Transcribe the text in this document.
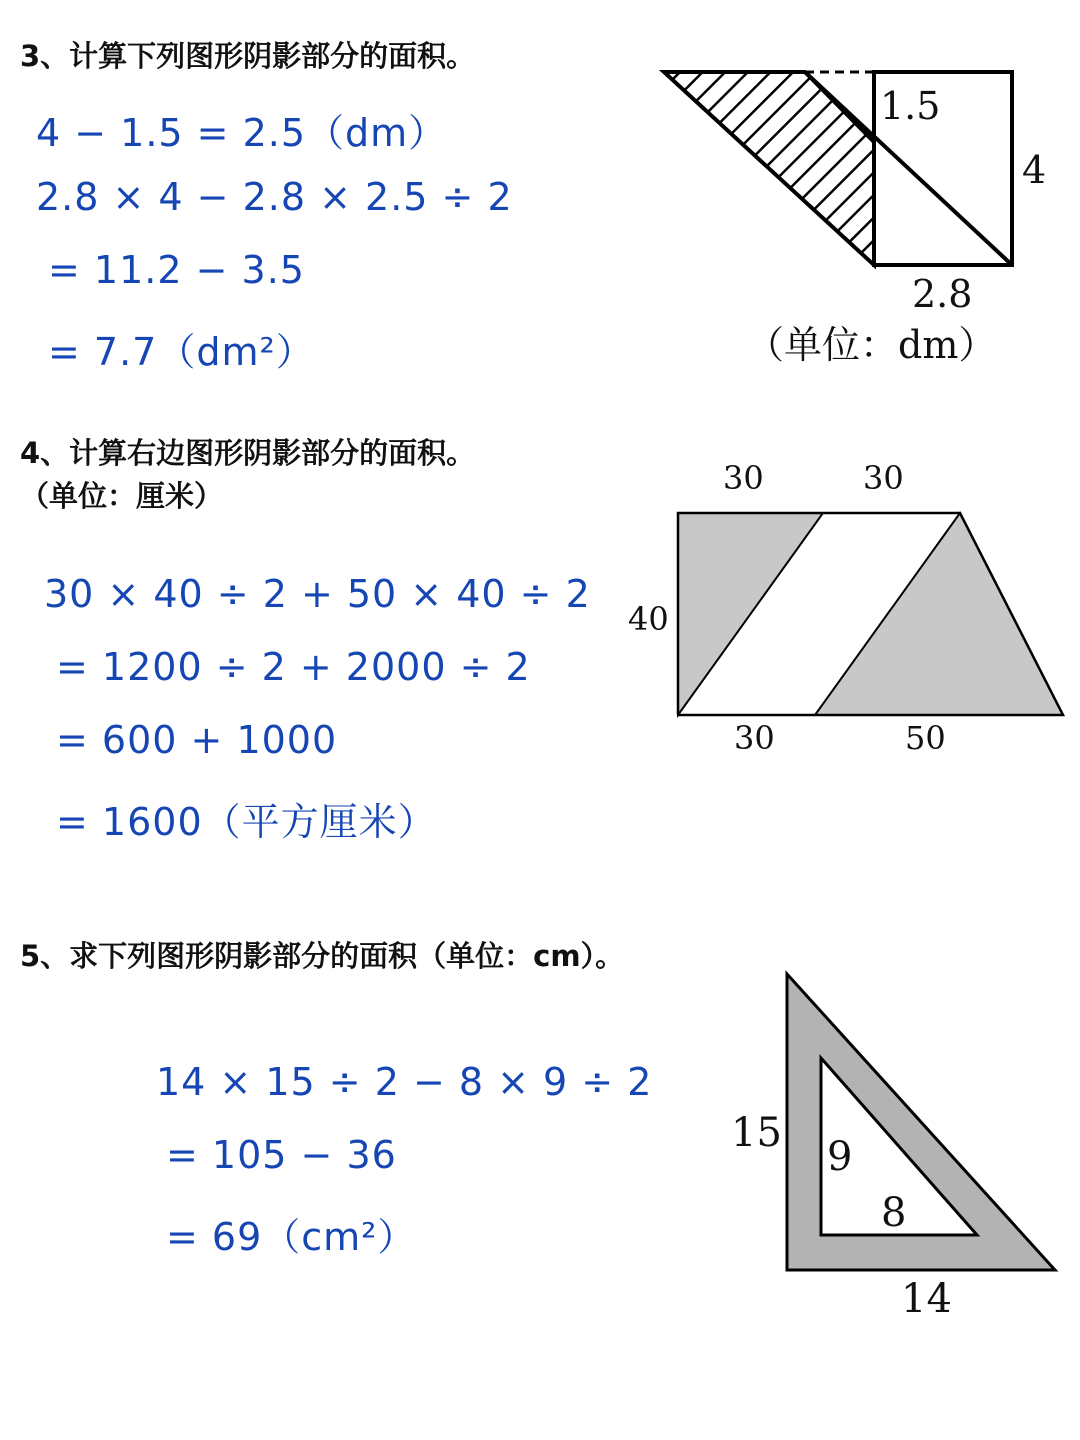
3、计算下列图形阴影部分的面积。
4 − 1.5 = 2.5（dm）
2.8 × 4 − 2.8 × 2.5 ÷ 2
= 11.2 − 3.5
= 7.7（dm²）
1.5
4
2.8
（单位：dm）
4、计算右边图形阴影部分的面积。
（单位：厘米）
30 × 40 ÷ 2 + 50 × 40 ÷ 2
= 1200 ÷ 2 + 2000 ÷ 2
= 600 + 1000
= 1600（平方厘米）
30	30
40
30	50
5、求下列图形阴影部分的面积（单位：cm）。
14 × 15 ÷ 2 − 8 × 9 ÷ 2
= 105 − 36
= 69（cm²）
15
9
8
14
